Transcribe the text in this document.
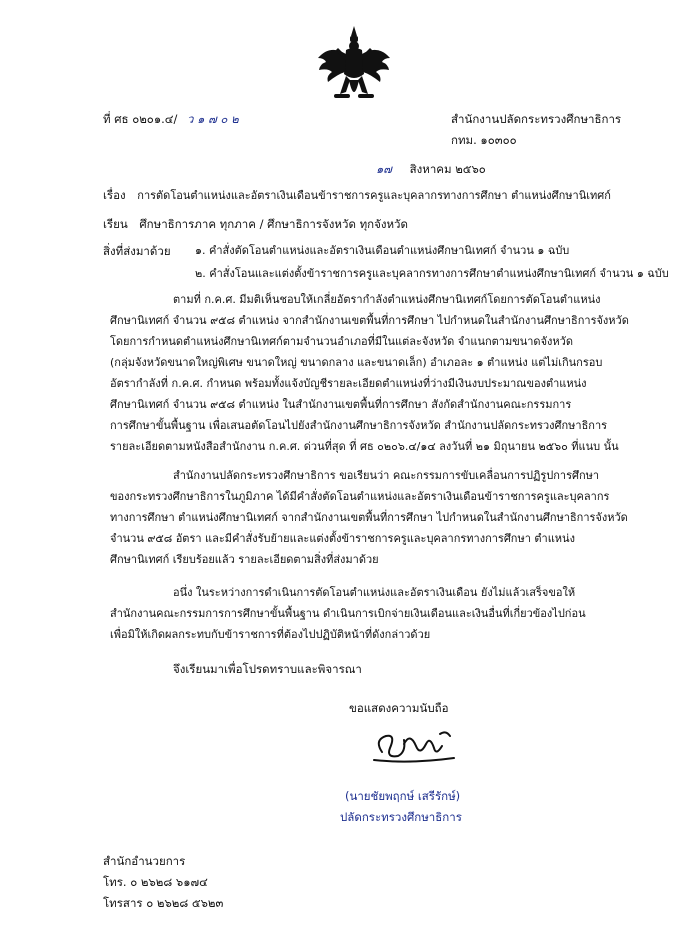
ที่ ศธ ๐๒๐๑.๔/ ว ๑ ๗ ๐ ๒	สำนักงานปลัดกระทรวงศึกษาธิการ
กทม. ๑๐๓๐๐
๑๗ สิงหาคม ๒๕๖๐
เรื่อง การตัดโอนตำแหน่งและอัตราเงินเดือนข้าราชการครูและบุคลากรทางการศึกษา ตำแหน่งศึกษานิเทศก์
เรียน ศึกษาธิการภาค ทุกภาค / ศึกษาธิการจังหวัด ทุกจังหวัด
สิ่งที่ส่งมาด้วย ๑. คำสั่งตัดโอนตำแหน่งและอัตราเงินเดือนตำแหน่งศึกษานิเทศก์ จำนวน ๑ ฉบับ
๒. คำสั่งโอนและแต่งตั้งข้าราชการครูและบุคลากรทางการศึกษาตำแหน่งศึกษานิเทศก์ จำนวน ๑ ฉบับ
ตามที่ ก.ค.ศ. มีมติเห็นชอบให้เกลี่ยอัตรากำลังตำแหน่งศึกษานิเทศก์โดยการตัดโอนตำแหน่ง
ศึกษานิเทศก์ จำนวน ๙๕๘ ตำแหน่ง จากสำนักงานเขตพื้นที่การศึกษา ไปกำหนดในสำนักงานศึกษาธิการจังหวัด
โดยการกำหนดตำแหน่งศึกษานิเทศก์ตามจำนวนอำเภอที่มีในแต่ละจังหวัด จำแนกตามขนาดจังหวัด
(กลุ่มจังหวัดขนาดใหญ่พิเศษ ขนาดใหญ่ ขนาดกลาง และขนาดเล็ก) อำเภอละ ๑ ตำแหน่ง แต่ไม่เกินกรอบ
อัตรากำลังที่ ก.ค.ศ. กำหนด พร้อมทั้งแจ้งบัญชีรายละเอียดตำแหน่งที่ว่างมีเงินงบประมาณของตำแหน่ง
ศึกษานิเทศก์ จำนวน ๙๕๘ ตำแหน่ง ในสำนักงานเขตพื้นที่การศึกษา สังกัดสำนักงานคณะกรรมการ
การศึกษาขั้นพื้นฐาน เพื่อเสนอตัดโอนไปยังสำนักงานศึกษาธิการจังหวัด สำนักงานปลัดกระทรวงศึกษาธิการ
รายละเอียดตามหนังสือสำนักงาน ก.ค.ศ. ด่วนที่สุด ที่ ศธ ๐๒๐๖.๔/๑๔ ลงวันที่ ๒๑ มิถุนายน ๒๕๖๐ ที่แนบ นั้น
สำนักงานปลัดกระทรวงศึกษาธิการ ขอเรียนว่า คณะกรรมการขับเคลื่อนการปฏิรูปการศึกษา
ของกระทรวงศึกษาธิการในภูมิภาค ได้มีคำสั่งตัดโอนตำแหน่งและอัตราเงินเดือนข้าราชการครูและบุคลากร
ทางการศึกษา ตำแหน่งศึกษานิเทศก์ จากสำนักงานเขตพื้นที่การศึกษา ไปกำหนดในสำนักงานศึกษาธิการจังหวัด
จำนวน ๙๕๘ อัตรา และมีคำสั่งรับย้ายและแต่งตั้งข้าราชการครูและบุคลากรทางการศึกษา ตำแหน่ง
ศึกษานิเทศก์ เรียบร้อยแล้ว รายละเอียดตามสิ่งที่ส่งมาด้วย
อนึ่ง ในระหว่างการดำเนินการตัดโอนตำแหน่งและอัตราเงินเดือน ยังไม่แล้วเสร็จขอให้
สำนักงานคณะกรรมการการศึกษาขั้นพื้นฐาน ดำเนินการเบิกจ่ายเงินเดือนและเงินอื่นที่เกี่ยวข้องไปก่อน
เพื่อมิให้เกิดผลกระทบกับข้าราชการที่ต้องไปปฏิบัติหน้าที่ดังกล่าวด้วย
จึงเรียนมาเพื่อโปรดทราบและพิจารณา
ขอแสดงความนับถือ
(นายชัยพฤกษ์ เสรีรักษ์)
ปลัดกระทรวงศึกษาธิการ
สำนักอำนวยการ
โทร. ๐ ๒๖๒๘ ๖๑๗๔
โทรสาร ๐ ๒๖๒๘ ๕๖๒๓
